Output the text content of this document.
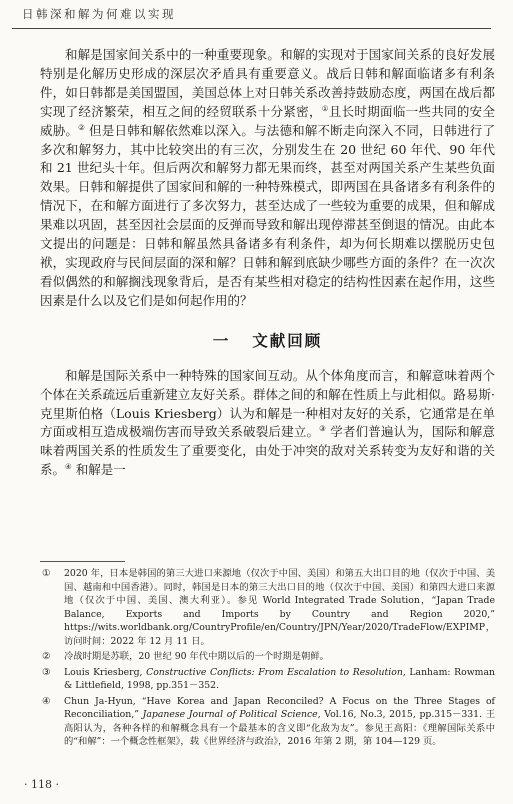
日韩深和解为何难以实现

和解是国家间关系中的一种重要现象。和解的实现对于国家间关系的良好发展特别是化解历史形成的深层次矛盾具有重要意义。战后日韩和解面临诸多有利条件，如日韩都是美国盟国，美国总体上对日韩关系改善持鼓励态度，两国在战后都实现了经济繁荣，相互之间的经贸联系十分紧密，①且长时期面临一些共同的安全威胁。② 但是日韩和解依然难以深入。与法德和解不断走向深入不同，日韩进行了多次和解努力，其中比较突出的有三次，分别发生在 20 世纪 60 年代、90 年代和 21 世纪头十年。但后两次和解努力都无果而终，甚至对两国关系产生某些负面效果。日韩和解提供了国家间和解的一种特殊模式，即两国在具备诸多有利条件的情况下，在和解方面进行了多次努力，甚至达成了一些较为重要的成果，但和解成果难以巩固，甚至因社会层面的反弹而导致和解出现停滞甚至倒退的情况。由此本文提出的问题是：日韩和解虽然具备诸多有利条件，却为何长期难以摆脱历史包袱，实现政府与民间层面的深和解？日韩和解到底缺少哪些方面的条件？在一次次看似偶然的和解搁浅现象背后，是否有某些相对稳定的结构性因素在起作用，这些因素是什么以及它们是如何起作用的？

一 文献回顾

和解是国际关系中一种特殊的国家间互动。从个体角度而言，和解意味着两个个体在关系疏远后重新建立友好关系。群体之间的和解在性质上与此相似。路易斯·克里斯伯格（Louis Kriesberg）认为和解是一种相对友好的关系，它通常是在单方面或相互造成极端伤害而导致关系破裂后建立。③ 学者们普遍认为，国际和解意味着两国关系的性质发生了重要变化，由处于冲突的敌对关系转变为友好和谐的关系。④ 和解是一

①	2020 年，日本是韩国的第三大进口来源地（仅次于中国、美国）和第五大出口目的地（仅次于中国、美国、越南和中国香港）。同时，韩国是日本的第三大出口目的地（仅次于中国、美国）和第四大进口来源地（仅次于中国、美国、澳大利亚）。参见 World Integrated Trade Solution，“Japan Trade Balance, Exports and Imports by Country and Region 2020,” https://wits.worldbank.org/CountryProfile/en/Country/JPN/Year/2020/TradeFlow/EXPIMP，访问时间：2022 年 12 月 11 日。
②	冷战时期是苏联，20 世纪 90 年代中期以后的一个时期是朝鲜。
③	Louis Kriesberg, Constructive Conflicts: From Escalation to Resolution, Lanham: Rowman & Littlefield, 1998, pp.351－352.
④	Chun Ja-Hyun, “Have Korea and Japan Reconciled? A Focus on the Three Stages of Reconciliation,” Japanese Journal of Political Science, Vol.16, No.3, 2015, pp.315－331. 王高阳认为，各种各样的和解概念具有一个最基本的含义即“化敌为友”。参见王高阳：《理解国际关系中的“和解”：一个概念性框架》，载《世界经济与政治》，2016 年第 2 期，第 104—129 页。
· 118 ·
